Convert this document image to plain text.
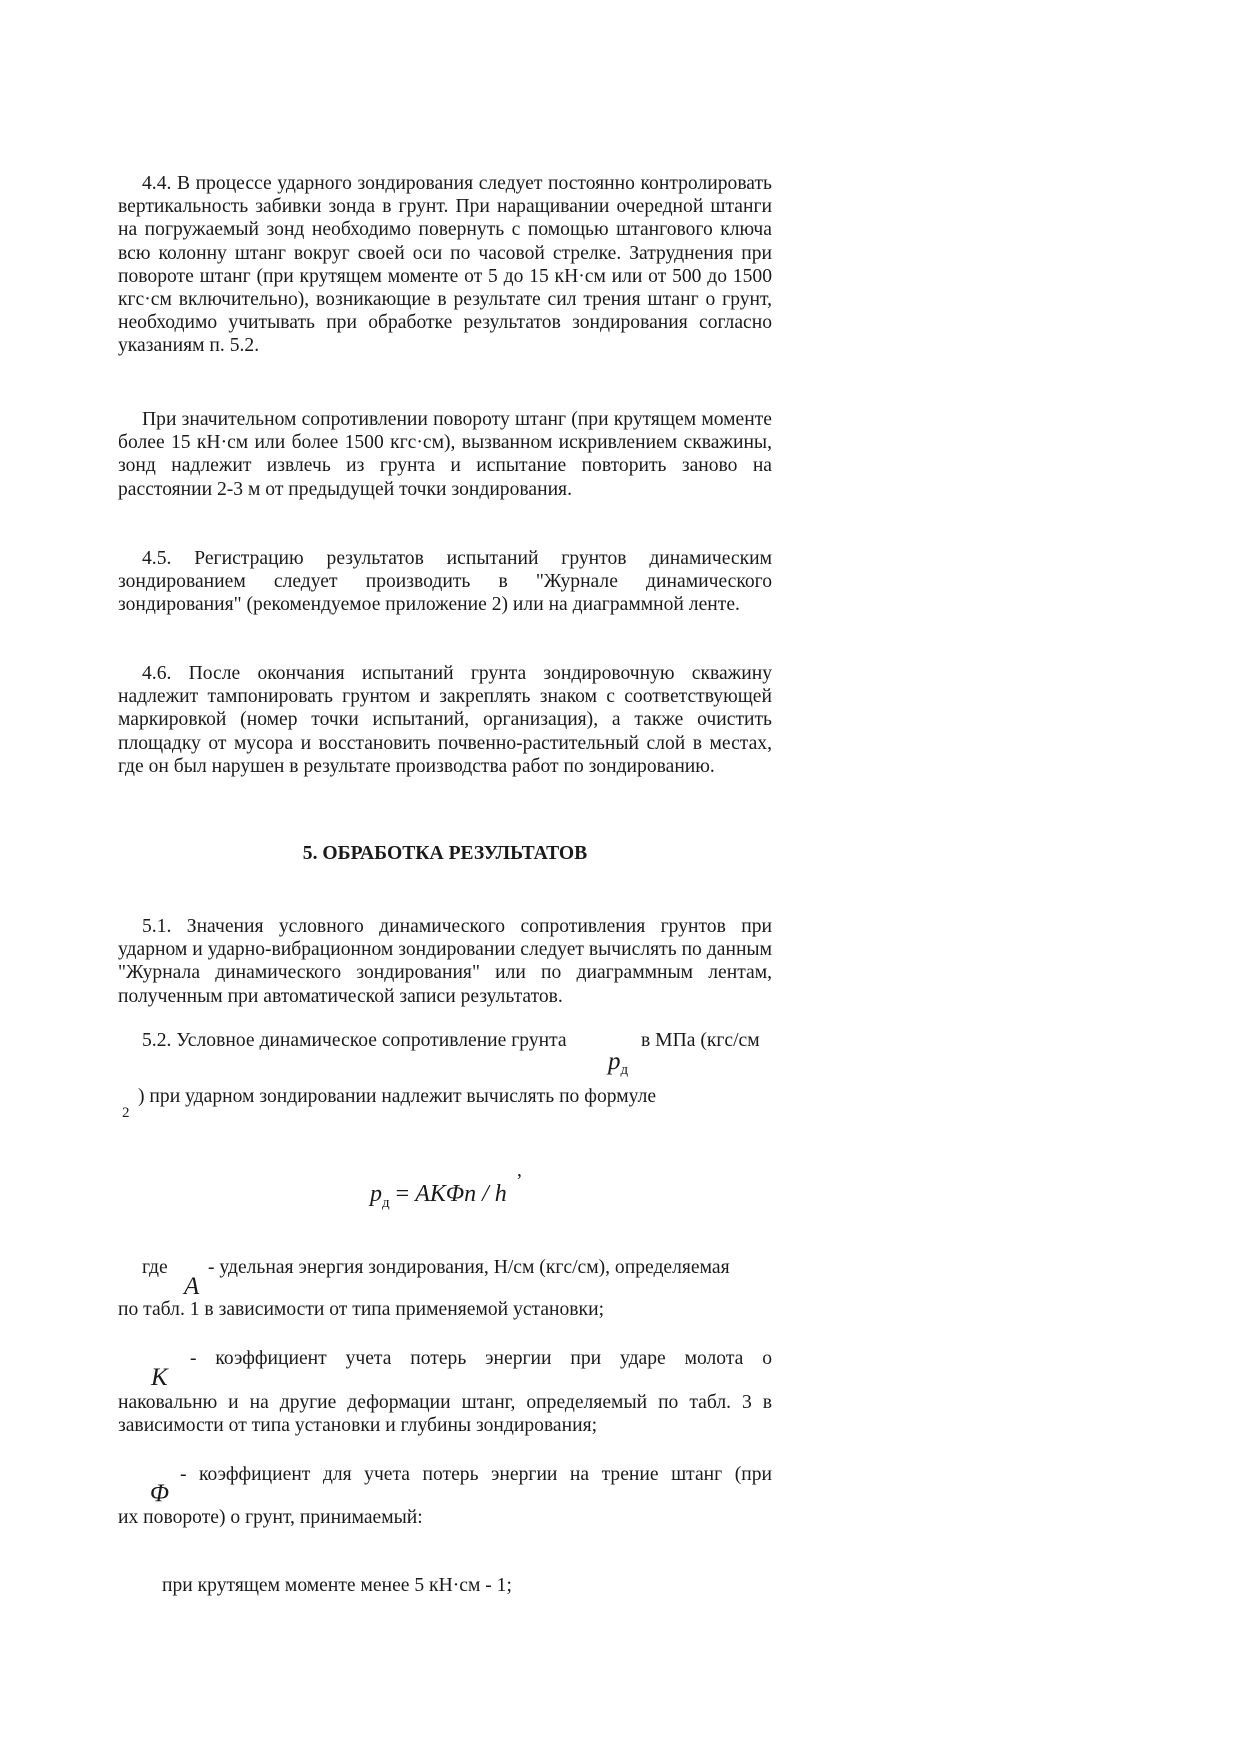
4.4. В процессе ударного зондирования следует постоянно контролировать вертикальность забивки зонда в грунт. При наращивании очередной штанги на погружаемый зонд необходимо повернуть с помощью штангового ключа всю колонну штанг вокруг своей оси по часовой стрелке. Затруднения при повороте штанг (при крутящем моменте от 5 до 15 кН·см или от 500 до 1500 кгс·см включительно), возникающие в результате сил трения штанг о грунт, необходимо учитывать при обработке результатов зондирования согласно указаниям п. 5.2.

При значительном сопротивлении повороту штанг (при крутящем моменте более 15 кН·см или более 1500 кгс·см), вызванном искривлением скважины, зонд надлежит извлечь из грунта и испытание повторить заново на расстоянии 2-3 м от предыдущей точки зондирования.

4.5. Регистрацию результатов испытаний грунтов динамическим зондированием следует производить в "Журнале динамического зондирования" (рекомендуемое приложение 2) или на диаграммной ленте.

4.6. После окончания испытаний грунта зондировочную скважину надлежит тампонировать грунтом и закреплять знаком с соответствующей маркировкой (номер точки испытаний, организация), а также очистить площадку от мусора и восстановить почвенно-растительный слой в местах, где он был нарушен в результате производства работ по зондированию.

5. ОБРАБОТКА РЕЗУЛЬТАТОВ

5.1. Значения условного динамического сопротивления грунтов при ударном и ударно-вибрационном зондировании следует вычислять по данным "Журнала динамического зондирования" или по диаграммным лентам, полученным при автоматической записи результатов.

5.2. Условное динамическое сопротивление грунта	в МПа (кгс/см
$p_д$
) при ударном зондировании надлежит вычислять по формуле
2
$p_д = AK\Phi n / h$
,
где
A
- удельная энергия зондирования, Н/см (кгс/см), определяемая
по табл. 1 в зависимости от типа применяемой установки;
K

- коэффициент учета потерь энергии при ударе молота о

наковальню и на другие деформации штанг, определяемый по табл. 3 в зависимости от типа установки и глубины зондирования;

Φ

- коэффициент для учета потерь энергии на трение штанг (при

их повороте) о грунт, принимаемый:
при крутящем моменте менее 5 кН·см - 1;
